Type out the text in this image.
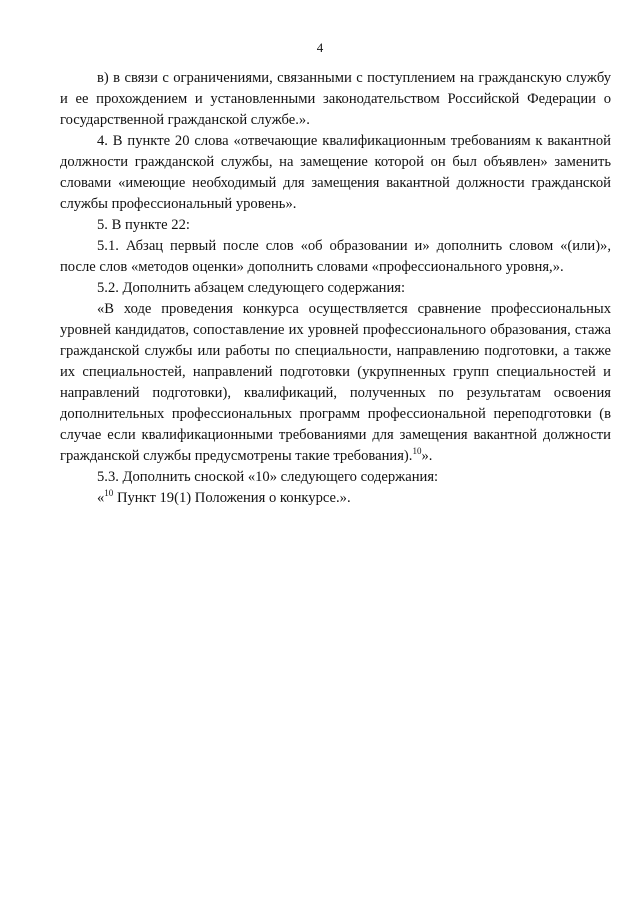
4

в) в связи с ограничениями, связанными с поступлением на гражданскую службу и ее прохождением и установленными законодательством Российской Федерации о государственной гражданской службе.».

4. В пункте 20 слова «отвечающие квалификационным требованиям к вакантной должности гражданской службы, на замещение которой он был объявлен» заменить словами «имеющие необходимый для замещения вакантной должности гражданской службы профессиональный уровень».

5. В пункте 22:

5.1. Абзац первый после слов «об образовании и» дополнить словом «(или)», после слов «методов оценки» дополнить словами «профессионального уровня,».

5.2. Дополнить абзацем следующего содержания:

«В ходе проведения конкурса осуществляется сравнение профессиональных уровней кандидатов, сопоставление их уровней профессионального образования, стажа гражданской службы или работы по специальности, направлению подготовки, а также их специальностей, направлений подготовки (укрупненных групп специальностей и направлений подготовки), квалификаций, полученных по результатам освоения дополнительных профессиональных программ профессиональной переподготовки (в случае если квалификационными требованиями для замещения вакантной должности гражданской службы предусмотрены такие требования).$^{10}$».

5.3. Дополнить сноской «10» следующего содержания:

«$^{10}$ Пункт 19(1) Положения о конкурсе.».
